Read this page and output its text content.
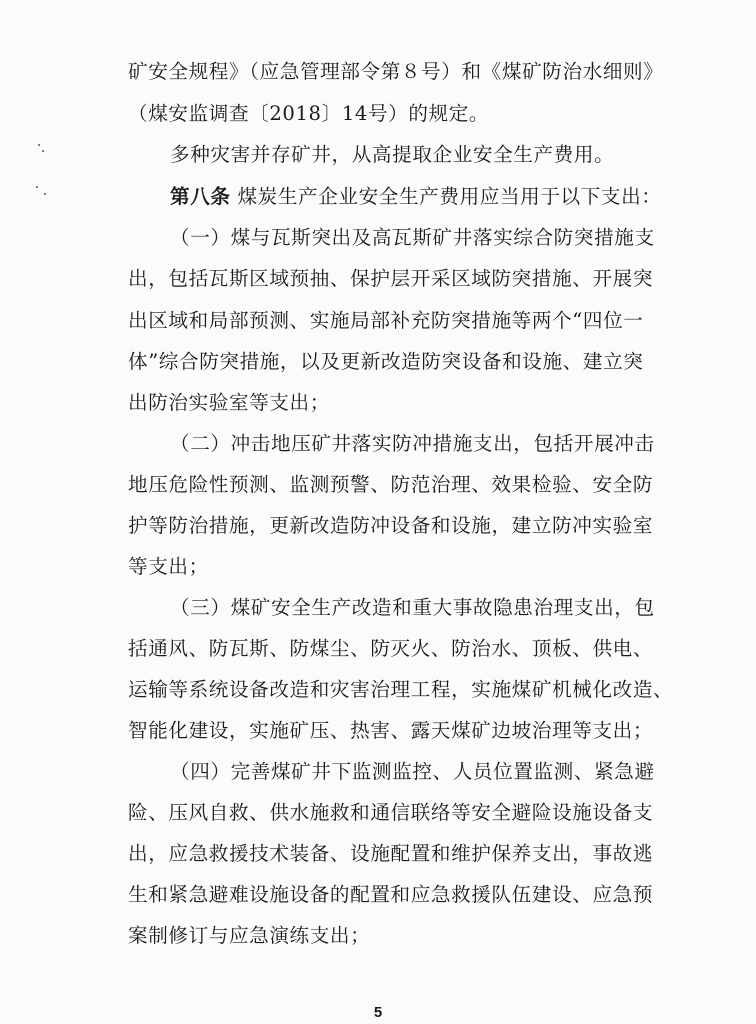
矿安全规程》（应急管理部令第８号）和《煤矿防治水细则》
（煤安监调查〔2018〕14号）的规定。
多种灾害并存矿井，从高提取企业安全生产费用。
第八条 煤炭生产企业安全生产费用应当用于以下支出：
（一）煤与瓦斯突出及高瓦斯矿井落实综合防突措施支
出，包括瓦斯区域预抽、保护层开采区域防突措施、开展突
出区域和局部预测、实施局部补充防突措施等两个“四位一
体”综合防突措施，以及更新改造防突设备和设施、建立突
出防治实验室等支出；
（二）冲击地压矿井落实防冲措施支出，包括开展冲击
地压危险性预测、监测预警、防范治理、效果检验、安全防
护等防治措施，更新改造防冲设备和设施，建立防冲实验室
等支出；
（三）煤矿安全生产改造和重大事故隐患治理支出，包
括通风、防瓦斯、防煤尘、防灭火、防治水、顶板、供电、
运输等系统设备改造和灾害治理工程，实施煤矿机械化改造、
智能化建设，实施矿压、热害、露天煤矿边坡治理等支出；
（四）完善煤矿井下监测监控、人员位置监测、紧急避
险、压风自救、供水施救和通信联络等安全避险设施设备支
出，应急救援技术装备、设施配置和维护保养支出，事故逃
生和紧急避难设施设备的配置和应急救援队伍建设、应急预
案制修订与应急演练支出；
5
